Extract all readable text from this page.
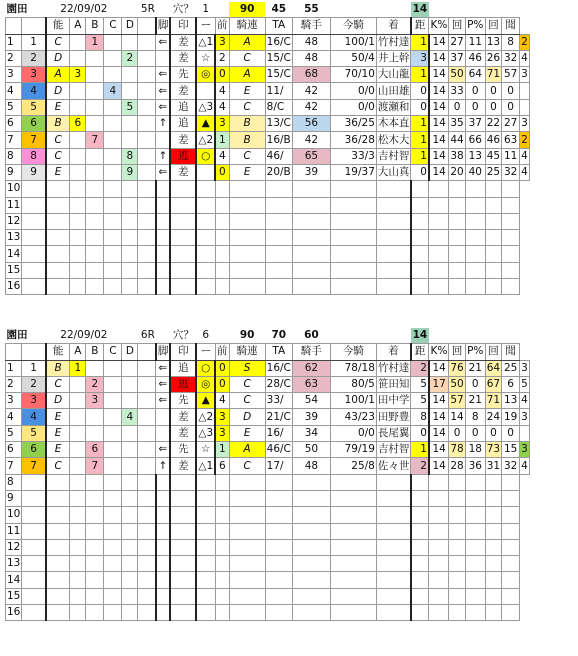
園田		22/09/02				5R			穴？	1		90	45	55			14						
		能	A	B	C	D		脚	印	ー	前	騎連	TA	騎手	今騎	着	距	K%	回	P%	回	聞	
1	1	C		1				⇐	差	△1	3	A	16/C	48	100/1	竹村達	1	14	27	11	13	8	2
2	2	D				2			差	☆	2	C	15/C	48	50/4	井上幹	3	14	37	46	26	32	4
3	3	A	3					⇐	先	◎	0	A	15/C	68	70/10	大山龍	1	14	50	64	71	57	3
4	4	D			4			⇐	差		4	E	11/	42	0/0	山田雄	0	14	33	0	0	0	
5	5	E				5		⇐	追	△3	4	C	8/C	42	0/0	渡瀬和	0	14	0	0	0	0	
6	6	B	6					↑	追	▲	3	B	13/C	56	36/25	木本直	1	14	35	37	22	27	3
7	7	C		7					差	△2	1	B	16/B	42	36/28	松木大	1	14	44	66	46	63	2
8	8	C				8		↑	逃	○	4	C	46/	65	33/3	吉村智	1	14	38	13	45	11	4
9	9	E				9		⇐	差		0	E	20/B	39	19/37	大山真	0	14	20	40	25	32	4
10																							
11																							
12																							
13																							
14																							
15																							
16																							
園田		22/09/02				6R			穴？	6		90	70	60			14						
		能	A	B	C	D		脚	印	ー	前	騎連	TA	騎手	今騎	着	距	K%	回	P%	回	聞	
1	1	B	1					⇐	追	○	0	S	16/C	62	78/18	竹村達	2	14	76	21	64	25	3
2	2	C		2				⇐	逃	◎	0	C	28/C	63	80/5	笹田知	5	17	50	0	67	6	5
3	3	D		3				⇐	先	▲	4	C	33/	54	100/1	田中学	5	14	57	21	71	13	4
4	4	E				4			差	△2	3	D	21/C	39	43/23	田野豊	8	14	14	8	24	19	3
5	5	E							差	△3	3	E	16/	34	0/0	長尾翼	0	14	0	0	0	0	
6	6	E		6				⇐	先	☆	1	A	46/C	50	79/19	吉村智	1	14	78	18	73	15	3
7	7	C		7				↑	差	△1	6	C	17/	48	25/8	佐々世	2	14	28	36	31	32	4
8																							
9																							
10																							
11																							
12																							
13																							
14																							
15																							
16																							
